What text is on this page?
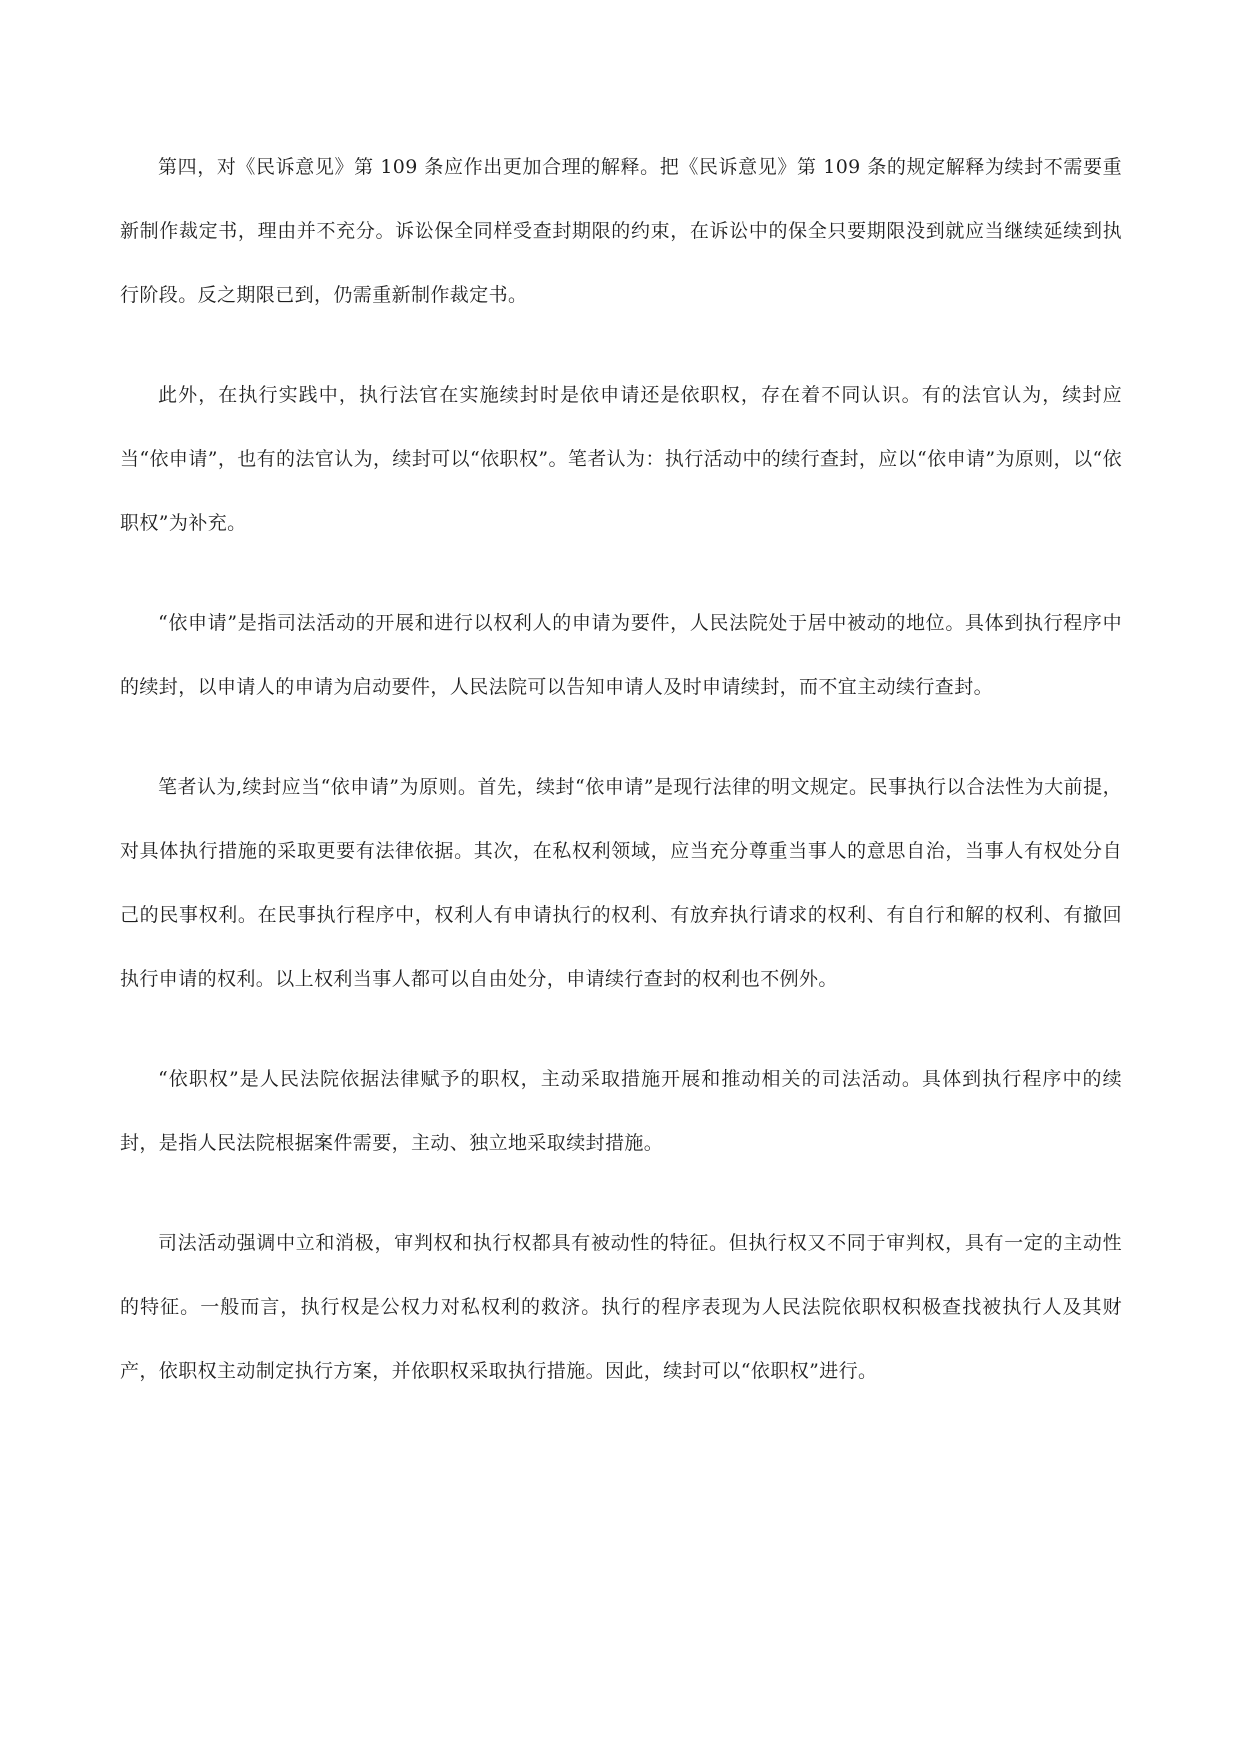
第四，对《民诉意见》第 109 条应作出更加合理的解释。把《民诉意见》第 109 条的规定解释为续封不需要重新制作裁定书，理由并不充分。诉讼保全同样受查封期限的约束，在诉讼中的保全只要期限没到就应当继续延续到执行阶段。反之期限已到，仍需重新制作裁定书。

此外，在执行实践中，执行法官在实施续封时是依申请还是依职权，存在着不同认识。有的法官认为，续封应当“依申请”，也有的法官认为，续封可以“依职权”。笔者认为：执行活动中的续行查封，应以“依申请”为原则，以“依职权”为补充。

“依申请”是指司法活动的开展和进行以权利人的申请为要件，人民法院处于居中被动的地位。具体到执行程序中的续封，以申请人的申请为启动要件，人民法院可以告知申请人及时申请续封，而不宜主动续行查封。

笔者认为,续封应当“依申请”为原则。首先，续封“依申请”是现行法律的明文规定。民事执行以合法性为大前提，对具体执行措施的采取更要有法律依据。其次，在私权利领域，应当充分尊重当事人的意思自治，当事人有权处分自己的民事权利。在民事执行程序中，权利人有申请执行的权利、有放弃执行请求的权利、有自行和解的权利、有撤回执行申请的权利。以上权利当事人都可以自由处分，申请续行查封的权利也不例外。

“依职权”是人民法院依据法律赋予的职权，主动采取措施开展和推动相关的司法活动。具体到执行程序中的续封，是指人民法院根据案件需要，主动、独立地采取续封措施。

司法活动强调中立和消极，审判权和执行权都具有被动性的特征。但执行权又不同于审判权，具有一定的主动性的特征。一般而言，执行权是公权力对私权利的救济。执行的程序表现为人民法院依职权积极查找被执行人及其财产，依职权主动制定执行方案，并依职权采取执行措施。因此，续封可以“依职权”进行。
